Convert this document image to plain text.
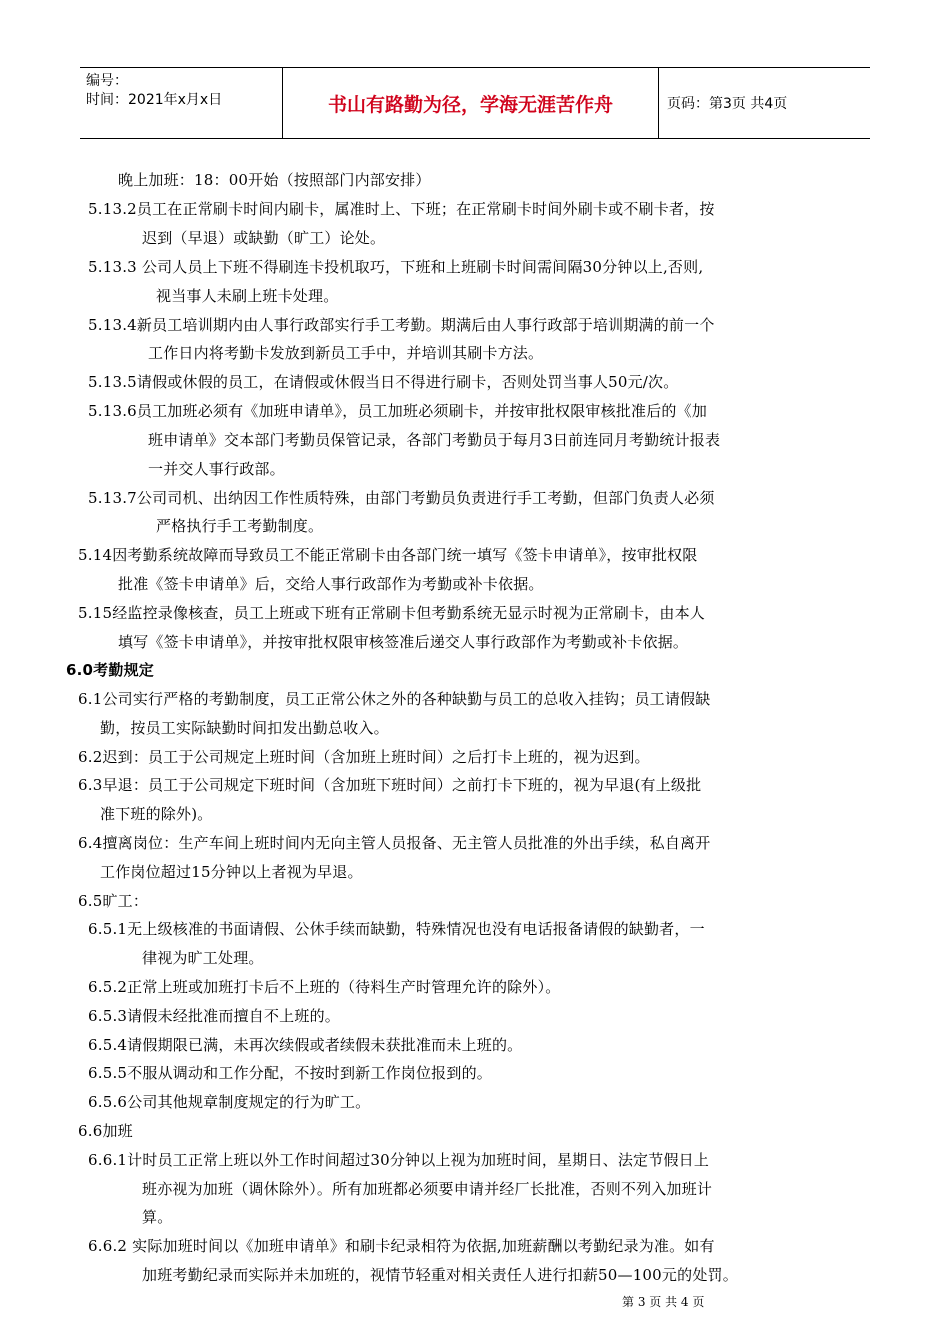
编号：
时间：2021年x月x日	书山有路勤为径，学海无涯苦作舟	页码：第3页 共4页
晚上加班：18：00开始（按照部门内部安排）
5.13.2员工在正常刷卡时间内刷卡，属准时上、下班；在正常刷卡时间外刷卡或不刷卡者，按
迟到（早退）或缺勤（旷工）论处。
5.13.3 公司人员上下班不得刷连卡投机取巧，下班和上班刷卡时间需间隔30分钟以上,否则,
视当事人未刷上班卡处理。
5.13.4新员工培训期内由人事行政部实行手工考勤。期满后由人事行政部于培训期满的前一个
工作日内将考勤卡发放到新员工手中，并培训其刷卡方法。
5.13.5请假或休假的员工，在请假或休假当日不得进行刷卡，否则处罚当事人50元/次。
5.13.6员工加班必须有《加班申请单》，员工加班必须刷卡，并按审批权限审核批准后的《加
班申请单》交本部门考勤员保管记录，各部门考勤员于每月3日前连同月考勤统计报表
一并交人事行政部。
5.13.7公司司机、出纳因工作性质特殊，由部门考勤员负责进行手工考勤，但部门负责人必须
严格执行手工考勤制度。
5.14因考勤系统故障而导致员工不能正常刷卡由各部门统一填写《签卡申请单》，按审批权限
批准《签卡申请单》后，交给人事行政部作为考勤或补卡依据。
5.15经监控录像核查，员工上班或下班有正常刷卡但考勤系统无显示时视为正常刷卡，由本人
填写《签卡申请单》，并按审批权限审核签准后递交人事行政部作为考勤或补卡依据。
6.0考勤规定
6.1公司实行严格的考勤制度，员工正常公休之外的各种缺勤与员工的总收入挂钩；员工请假缺
勤，按员工实际缺勤时间扣发出勤总收入。
6.2迟到：员工于公司规定上班时间（含加班上班时间）之后打卡上班的，视为迟到。
6.3早退：员工于公司规定下班时间（含加班下班时间）之前打卡下班的，视为早退(有上级批
准下班的除外)。
6.4擅离岗位：生产车间上班时间内无向主管人员报备、无主管人员批准的外出手续，私自离开
工作岗位超过15分钟以上者视为早退。
6.5旷工：
6.5.1无上级核准的书面请假、公休手续而缺勤，特殊情况也没有电话报备请假的缺勤者，一
律视为旷工处理。
6.5.2正常上班或加班打卡后不上班的（待料生产时管理允许的除外）。
6.5.3请假未经批准而擅自不上班的。
6.5.4请假期限已满，未再次续假或者续假未获批准而未上班的。
6.5.5不服从调动和工作分配，不按时到新工作岗位报到的。
6.5.6公司其他规章制度规定的行为旷工。
6.6加班
6.6.1计时员工正常上班以外工作时间超过30分钟以上视为加班时间，星期日、法定节假日上
班亦视为加班（调休除外）。所有加班都必须要申请并经厂长批准，否则不列入加班计
算。
6.6.2 实际加班时间以《加班申请单》和刷卡纪录相符为依据,加班薪酬以考勤纪录为准。如有
加班考勤纪录而实际并未加班的，视情节轻重对相关责任人进行扣薪50—100元的处罚。
第 3 页 共 4 页
